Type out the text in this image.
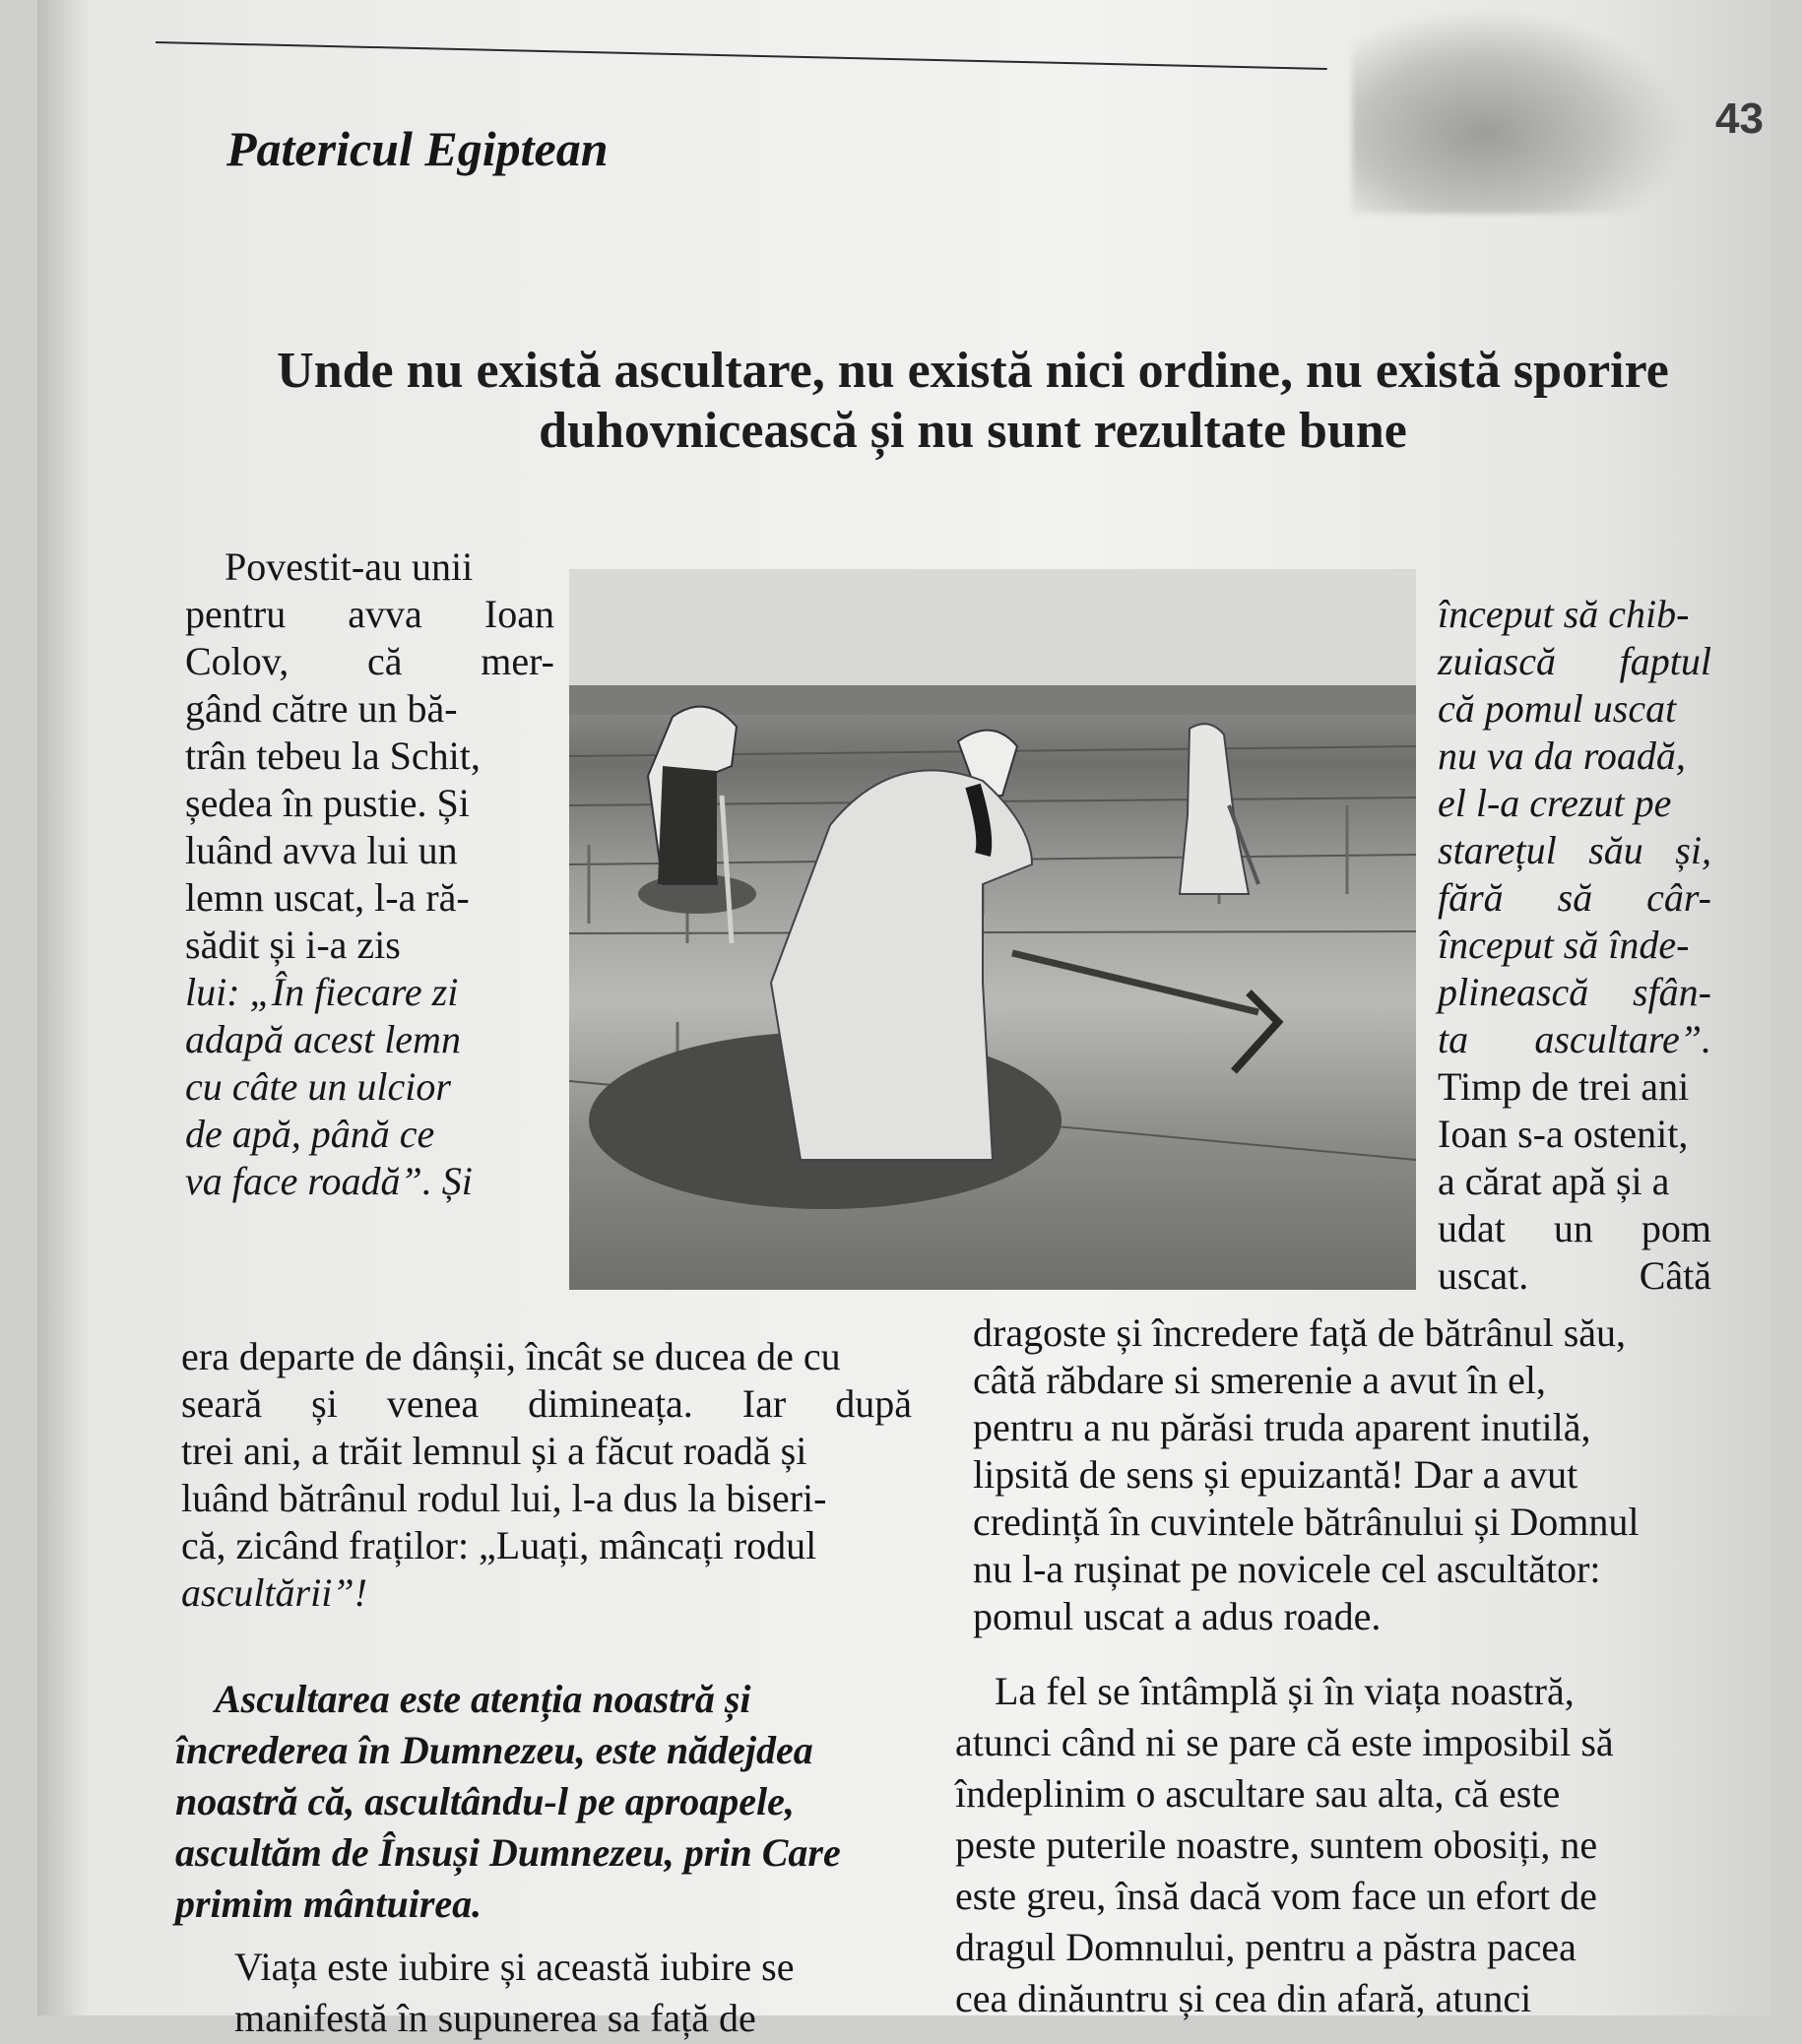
Patericul Egiptean
43
Unde nu există ascultare, nu există nici ordine, nu există sporire
duhovnicească și nu sunt rezultate bune
Povestit-au unii
pentru avva Ioan
Colov, că mer-
gând către un bă-
trân tebeu la Schit,
ședea în pustie. Și
luând avva lui un
lemn uscat, l-a ră-
sădit și i-a zis
lui: „În fiecare zi
adapă acest lemn
cu câte un ulcior
de apă, până ce
va face roadă”. Și
început să chib-
zuiască faptul
că pomul uscat
nu va da roadă,
el l-a crezut pe
starețul său și,
fără să câr-
început să înde-
plinească sfân-
ta ascultare”.
Timp de trei ani
Ioan s-a ostenit,
a cărat apă și a
udat un pom
uscat.	Câtă
era departe de dânșii, încât se ducea de cu
seară și venea dimineața. Iar după
trei ani, a trăit lemnul și a făcut roadă și
luând bătrânul rodul lui, l-a dus la biseri-
că, zicând fraților: „Luați, mâncați rodul
ascultării”!
dragoste și încredere față de bătrânul său,
câtă răbdare si smerenie a avut în el,
pentru a nu părăsi truda aparent inutilă,
lipsită de sens și epuizantă! Dar a avut
credință în cuvintele bătrânului și Domnul
nu l-a rușinat pe novicele cel ascultător:
pomul uscat a adus roade.
Ascultarea este atenția noastră și
încrederea în Dumnezeu, este nădejdea
noastră că, ascultându-l pe aproapele,
ascultăm de Însuși Dumnezeu, prin Care
primim mântuirea.
Viața este iubire și această iubire se
manifestă în supunerea sa față de
La fel se întâmplă și în viața noastră,
atunci când ni se pare că este imposibil să
îndeplinim o ascultare sau alta, că este
peste puterile noastre, suntem obosiți, ne
este greu, însă dacă vom face un efort de
dragul Domnului, pentru a păstra pacea
cea dinăuntru și cea din afară, atunci
